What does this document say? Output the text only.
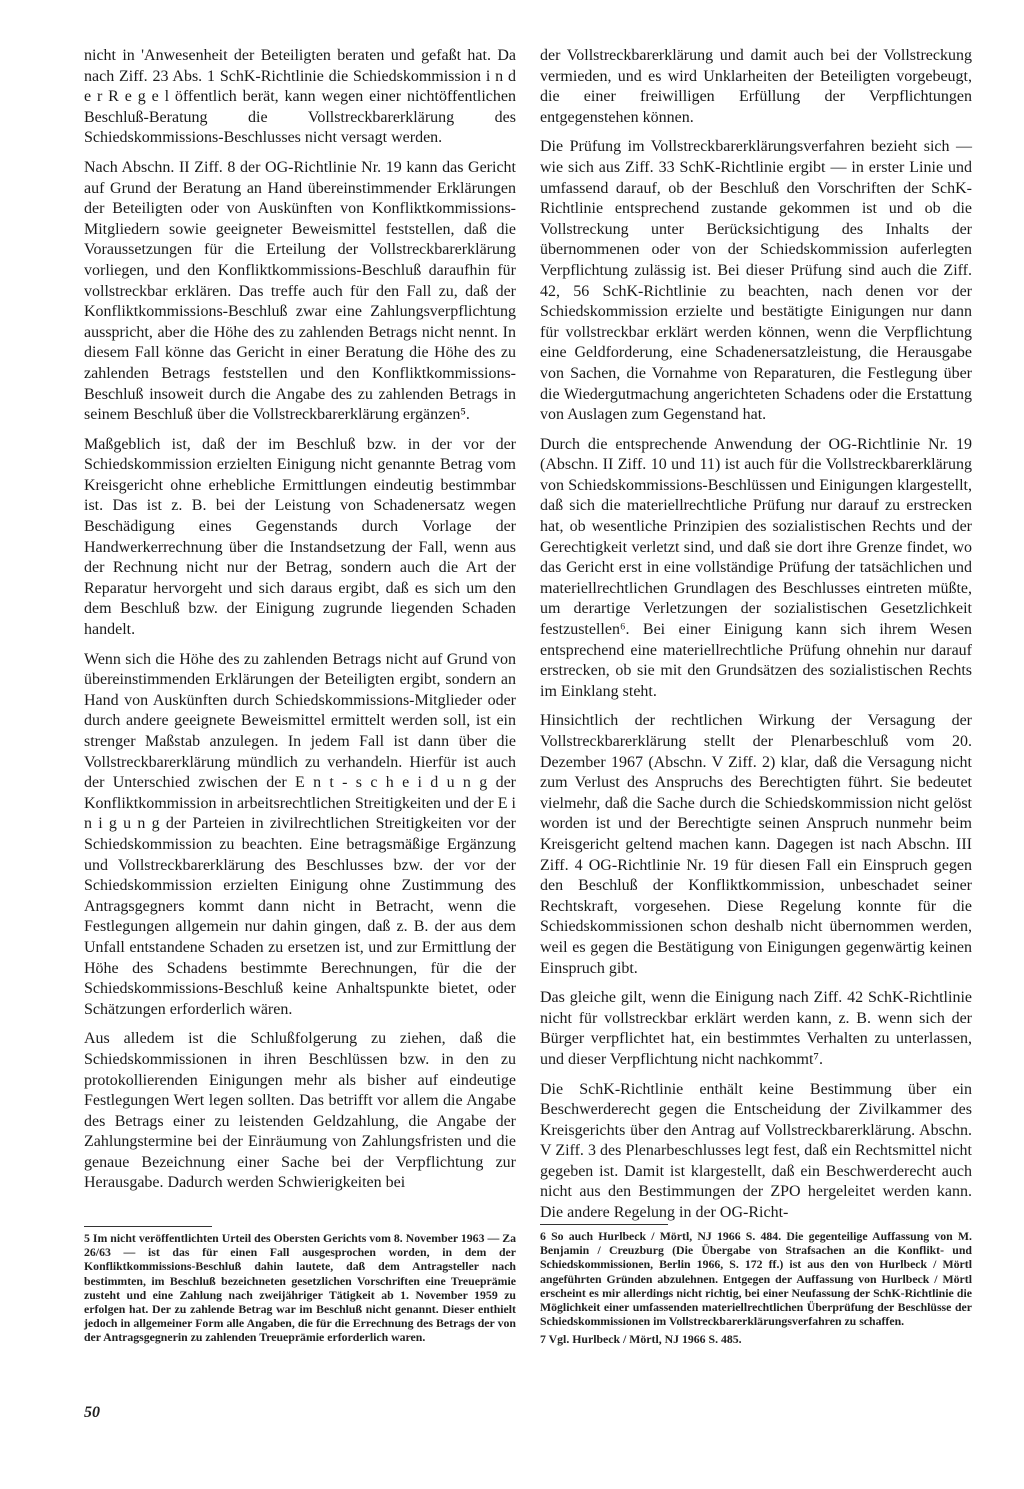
nicht in 'Anwesenheit der Beteiligten beraten und gefaßt hat. Da nach Ziff. 23 Abs. 1 SchK-Richtlinie die Schiedskommission i n d e r R e g e l öffentlich berät, kann wegen einer nichtöffentlichen Beschluß-Beratung die Vollstreckbarerklärung des Schiedskommissions-Beschlusses nicht versagt werden.

Nach Abschn. II Ziff. 8 der OG-Richtlinie Nr. 19 kann das Gericht auf Grund der Beratung an Hand übereinstimmender Erklärungen der Beteiligten oder von Auskünften von Konfliktkommissions-Mitgliedern sowie geeigneter Beweismittel feststellen, daß die Voraussetzungen für die Erteilung der Vollstreckbarerklärung vorliegen, und den Konfliktkommissions-Beschluß daraufhin für vollstreckbar erklären. Das treffe auch für den Fall zu, daß der Konfliktkommissions-Beschluß zwar eine Zahlungsverpflichtung ausspricht, aber die Höhe des zu zahlenden Betrags nicht nennt. In diesem Fall könne das Gericht in einer Beratung die Höhe des zu zahlenden Betrags feststellen und den Konfliktkommissions-Beschluß insoweit durch die Angabe des zu zahlenden Betrags in seinem Beschluß über die Vollstreckbarerklärung ergänzen⁵.

Maßgeblich ist, daß der im Beschluß bzw. in der vor der Schiedskommission erzielten Einigung nicht genannte Betrag vom Kreisgericht ohne erhebliche Ermittlungen eindeutig bestimmbar ist. Das ist z. B. bei der Leistung von Schadenersatz wegen Beschädigung eines Gegenstands durch Vorlage der Handwerkerrechnung über die Instandsetzung der Fall, wenn aus der Rechnung nicht nur der Betrag, sondern auch die Art der Reparatur hervorgeht und sich daraus ergibt, daß es sich um den dem Beschluß bzw. der Einigung zugrunde liegenden Schaden handelt.

Wenn sich die Höhe des zu zahlenden Betrags nicht auf Grund von übereinstimmenden Erklärungen der Beteiligten ergibt, sondern an Hand von Auskünften durch Schiedskommissions-Mitglieder oder durch andere geeignete Beweismittel ermittelt werden soll, ist ein strenger Maßstab anzulegen. In jedem Fall ist dann über die Vollstreckbarerklärung mündlich zu verhandeln. Hierfür ist auch der Unterschied zwischen der E n t - s c h e i d u n g der Konfliktkommission in arbeitsrechtlichen Streitigkeiten und der E i n i g u n g der Parteien in zivilrechtlichen Streitigkeiten vor der Schiedskommission zu beachten. Eine betragsmäßige Ergänzung und Vollstreckbarerklärung des Beschlusses bzw. der vor der Schiedskommission erzielten Einigung ohne Zustimmung des Antragsgegners kommt dann nicht in Betracht, wenn die Festlegungen allgemein nur dahin gingen, daß z. B. der aus dem Unfall entstandene Schaden zu ersetzen ist, und zur Ermittlung der Höhe des Schadens bestimmte Berechnungen, für die der Schiedskommissions-Beschluß keine Anhaltspunkte bietet, oder Schätzungen erforderlich wären.

Aus alledem ist die Schlußfolgerung zu ziehen, daß die Schiedskommissionen in ihren Beschlüssen bzw. in den zu protokollierenden Einigungen mehr als bisher auf eindeutige Festlegungen Wert legen sollten. Das betrifft vor allem die Angabe des Betrags einer zu leistenden Geldzahlung, die Angabe der Zahlungstermine bei der Einräumung von Zahlungsfristen und die genaue Bezeichnung einer Sache bei der Verpflichtung zur Herausgabe. Dadurch werden Schwierigkeiten bei

der Vollstreckbarerklärung und damit auch bei der Vollstreckung vermieden, und es wird Unklarheiten der Beteiligten vorgebeugt, die einer freiwilligen Erfüllung der Verpflichtungen entgegenstehen können.

Die Prüfung im Vollstreckbarerklärungsverfahren bezieht sich — wie sich aus Ziff. 33 SchK-Richtlinie ergibt — in erster Linie und umfassend darauf, ob der Beschluß den Vorschriften der SchK-Richtlinie entsprechend zustande gekommen ist und ob die Vollstreckung unter Berücksichtigung des Inhalts der übernommenen oder von der Schiedskommission auferlegten Verpflichtung zulässig ist. Bei dieser Prüfung sind auch die Ziff. 42, 56 SchK-Richtlinie zu beachten, nach denen vor der Schiedskommission erzielte und bestätigte Einigungen nur dann für vollstreckbar erklärt werden können, wenn die Verpflichtung eine Geldforderung, eine Schadenersatzleistung, die Herausgabe von Sachen, die Vornahme von Reparaturen, die Festlegung über die Wiedergutmachung angerichteten Schadens oder die Erstattung von Auslagen zum Gegenstand hat.

Durch die entsprechende Anwendung der OG-Richtlinie Nr. 19 (Abschn. II Ziff. 10 und 11) ist auch für die Vollstreckbarerklärung von Schiedskommissions-Beschlüssen und Einigungen klargestellt, daß sich die materiellrechtliche Prüfung nur darauf zu erstrecken hat, ob wesentliche Prinzipien des sozialistischen Rechts und der Gerechtigkeit verletzt sind, und daß sie dort ihre Grenze findet, wo das Gericht erst in eine vollständige Prüfung der tatsächlichen und materiellrechtlichen Grundlagen des Beschlusses eintreten müßte, um derartige Verletzungen der sozialistischen Gesetzlichkeit festzustellen⁶. Bei einer Einigung kann sich ihrem Wesen entsprechend eine materiellrechtliche Prüfung ohnehin nur darauf erstrecken, ob sie mit den Grundsätzen des sozialistischen Rechts im Einklang steht.

Hinsichtlich der rechtlichen Wirkung der Versagung der Vollstreckbarerklärung stellt der Plenarbeschluß vom 20. Dezember 1967 (Abschn. V Ziff. 2) klar, daß die Versagung nicht zum Verlust des Anspruchs des Berechtigten führt. Sie bedeutet vielmehr, daß die Sache durch die Schiedskommission nicht gelöst worden ist und der Berechtigte seinen Anspruch nunmehr beim Kreisgericht geltend machen kann. Dagegen ist nach Abschn. III Ziff. 4 OG-Richtlinie Nr. 19 für diesen Fall ein Einspruch gegen den Beschluß der Konfliktkommission, unbeschadet seiner Rechtskraft, vorgesehen. Diese Regelung konnte für die Schiedskommissionen schon deshalb nicht übernommen werden, weil es gegen die Bestätigung von Einigungen gegenwärtig keinen Einspruch gibt.

Das gleiche gilt, wenn die Einigung nach Ziff. 42 SchK-Richtlinie nicht für vollstreckbar erklärt werden kann, z. B. wenn sich der Bürger verpflichtet hat, ein bestimmtes Verhalten zu unterlassen, und dieser Verpflichtung nicht nachkommt⁷.

Die SchK-Richtlinie enthält keine Bestimmung über ein Beschwerderecht gegen die Entscheidung der Zivilkammer des Kreisgerichts über den Antrag auf Vollstreckbarerklärung. Abschn. V Ziff. 3 des Plenarbeschlusses legt fest, daß ein Rechtsmittel nicht gegeben ist. Damit ist klargestellt, daß ein Beschwerderecht auch nicht aus den Bestimmungen der ZPO hergeleitet werden kann. Die andere Regelung in der OG-Richt-

5 Im nicht veröffentlichten Urteil des Obersten Gerichts vom 8. November 1963 — Za 26/63 — ist das für einen Fall ausgesprochen worden, in dem der Konfliktkommissions-Beschluß dahin lautete, daß dem Antragsteller nach bestimmten, im Beschluß bezeichneten gesetzlichen Vorschriften eine Treueprämie zusteht und eine Zahlung nach zweijähriger Tätigkeit ab 1. November 1959 zu erfolgen hat. Der zu zahlende Betrag war im Beschluß nicht genannt. Dieser enthielt jedoch in allgemeiner Form alle Angaben, die für die Errechnung des Betrags der von der Antragsgegnerin zu zahlenden Treueprämie erforderlich waren.

6 So auch Hurlbeck / Mörtl, NJ 1966 S. 484. Die gegenteilige Auffassung von M. Benjamin / Creuzburg (Die Übergabe von Strafsachen an die Konflikt- und Schiedskommissionen, Berlin 1966, S. 172 ff.) ist aus den von Hurlbeck / Mörtl angeführten Gründen abzulehnen. Entgegen der Auffassung von Hurlbeck / Mörtl erscheint es mir allerdings nicht richtig, bei einer Neufassung der SchK-Richtlinie die Möglichkeit einer umfassenden materiellrechtlichen Überprüfung der Beschlüsse der Schiedskommissionen im Vollstreckbarerklärungsverfahren zu schaffen.

7 Vgl. Hurlbeck / Mörtl, NJ 1966 S. 485.

50
